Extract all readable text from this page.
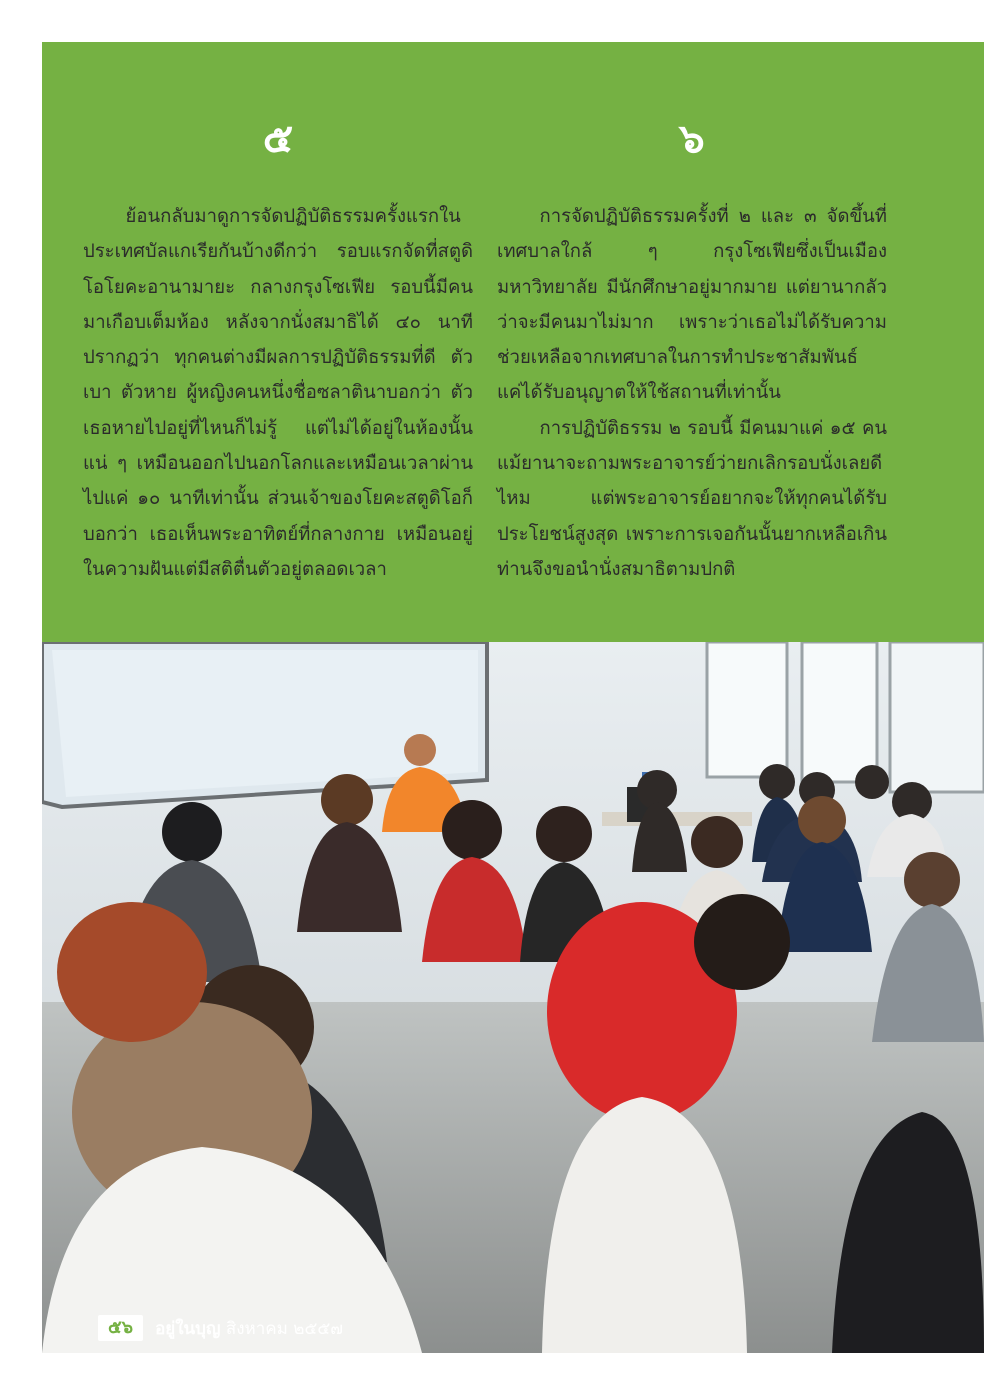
๕

ย้อนกลับมาดูการจัดปฏิบัติธรรมครั้งแรกในประเทศบัลแกเรียกันบ้างดีกว่า รอบแรกจัดที่สตูดิโอโยคะอานามายะ กลางกรุงโซเฟีย รอบนี้มีคนมาเกือบเต็มห้อง หลังจากนั่งสมาธิได้ ๔๐ นาที ปรากฏว่า ทุกคนต่างมีผลการปฏิบัติธรรมที่ดี ตัวเบา ตัวหาย ผู้หญิงคนหนึ่งชื่อซลาตินาบอกว่า ตัวเธอหายไปอยู่ที่ไหนก็ไม่รู้ แต่ไม่ได้อยู่ในห้องนั้นแน่ ๆ เหมือนออกไปนอกโลกและเหมือนเวลาผ่านไปแค่ ๑๐ นาทีเท่านั้น ส่วนเจ้าของโยคะสตูดิโอก็บอกว่า เธอเห็นพระอาทิตย์ที่กลางกาย เหมือนอยู่ในความฝันแต่มีสติตื่นตัวอยู่ตลอดเวลา

๖

การจัดปฏิบัติธรรมครั้งที่ ๒ และ ๓ จัดขึ้นที่เทศบาลใกล้ ๆ กรุงโซเฟียซึ่งเป็นเมืองมหาวิทยาลัย มีนักศึกษาอยู่มากมาย แต่ยานากลัวว่าจะมีคนมาไม่มาก เพราะว่าเธอไม่ได้รับความช่วยเหลือจากเทศบาลในการทำประชาสัมพันธ์ แค่ได้รับอนุญาตให้ใช้สถานที่เท่านั้น

การปฏิบัติธรรม ๒ รอบนี้ มีคนมาแค่ ๑๕ คน แม้ยานาจะถามพระอาจารย์ว่ายกเลิกรอบนั่งเลยดีไหม แต่พระอาจารย์อยากจะให้ทุกคนได้รับประโยชน์สูงสุด เพราะการเจอกันนั้นยากเหลือเกิน ท่านจึงขอนำนั่งสมาธิตามปกติ

๕๖	อยู่ในบุญ สิงหาคม ๒๕๕๗
